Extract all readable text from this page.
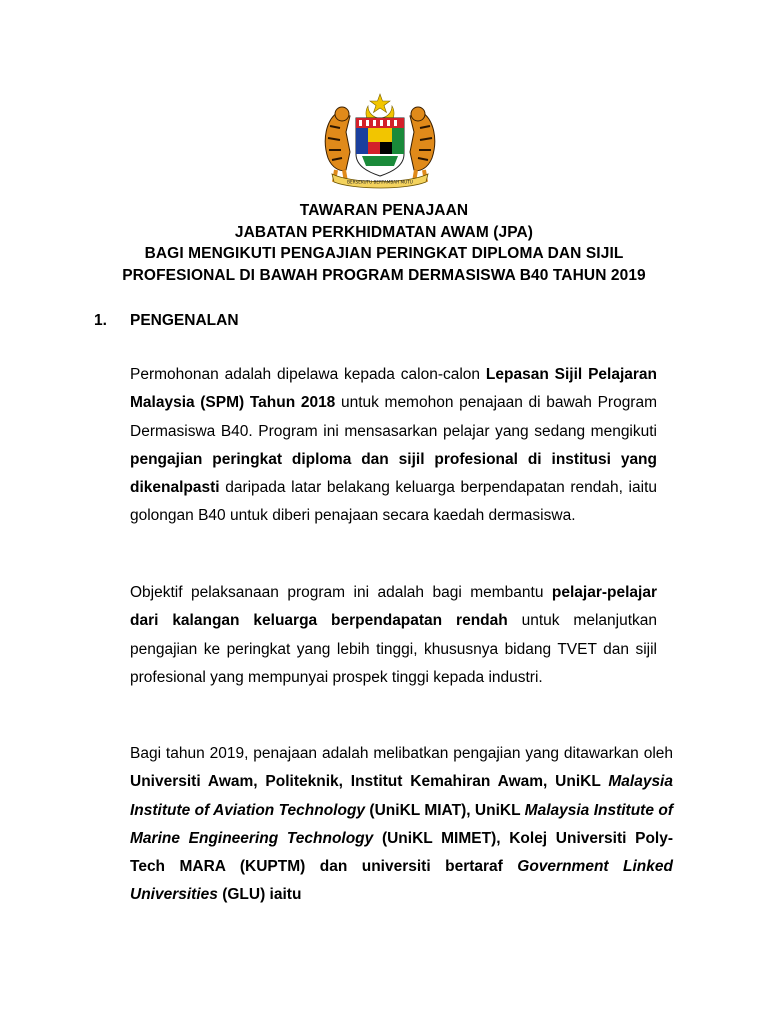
BERSEKUTU BERTAMBAH MUTU
TAWARAN PENAJAAN
JABATAN PERKHIDMATAN AWAM (JPA)
BAGI MENGIKUTI PENGAJIAN PERINGKAT DIPLOMA DAN SIJIL
PROFESIONAL DI BAWAH PROGRAM DERMASISWA B40 TAHUN 2019
1. PENGENALAN

Permohonan adalah dipelawa kepada calon-calon Lepasan Sijil Pelajaran Malaysia (SPM) Tahun 2018 untuk memohon penajaan di bawah Program Dermasiswa B40. Program ini mensasarkan pelajar yang sedang mengikuti pengajian peringkat diploma dan sijil profesional di institusi yang dikenalpasti daripada latar belakang keluarga berpendapatan rendah, iaitu golongan B40 untuk diberi penajaan secara kaedah dermasiswa.

Objektif pelaksanaan program ini adalah bagi membantu pelajar-pelajar dari kalangan keluarga berpendapatan rendah untuk melanjutkan pengajian ke peringkat yang lebih tinggi, khususnya bidang TVET dan sijil profesional yang mempunyai prospek tinggi kepada industri.

Bagi tahun 2019, penajaan adalah melibatkan pengajian yang ditawarkan oleh Universiti Awam, Politeknik, Institut Kemahiran Awam, UniKL Malaysia Institute of Aviation Technology (UniKL MIAT), UniKL Malaysia Institute of Marine Engineering Technology (UniKL MIMET), Kolej Universiti Poly-Tech MARA (KUPTM) dan universiti bertaraf Government Linked Universities (GLU) iaitu
